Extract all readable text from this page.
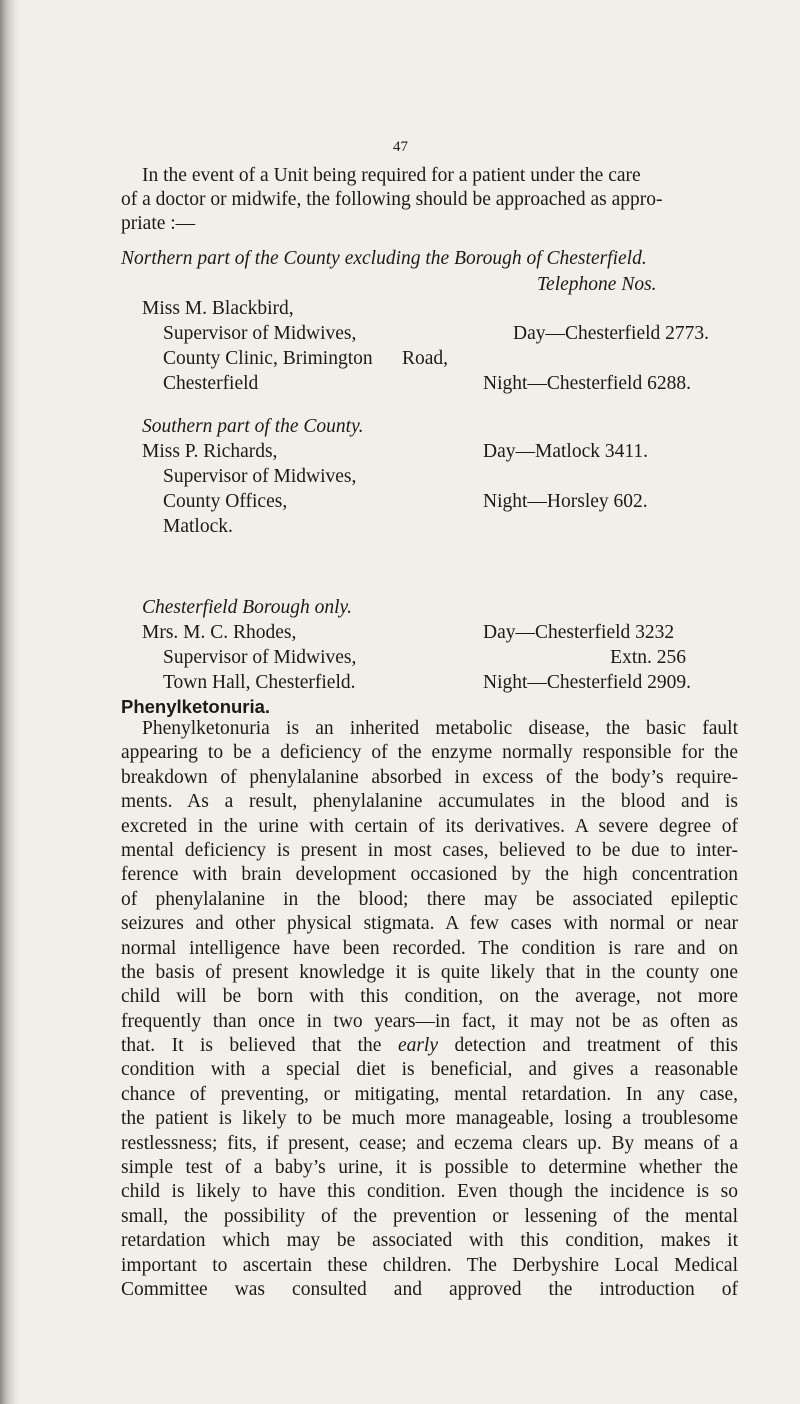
47
In the event of a Unit being required for a patient under the care
of a doctor or midwife, the following should be approached as appro-
priate :—
Northern part of the County excluding the Borough of Chesterfield.
Telephone Nos.
Miss M. Blackbird,
Supervisor of Midwives,	Day—Chesterfield 2773.
County Clinic, Brimington Road,
Chesterfield	Night—Chesterfield 6288.
Southern part of the County.
Miss P. Richards,	Day—Matlock 3411.
Supervisor of Midwives,
County Offices,	Night—Horsley 602.
Matlock.
Chesterfield Borough only.
Mrs. M. C. Rhodes,	Day—Chesterfield 3232
Supervisor of Midwives,	Extn. 256
Town Hall, Chesterfield.	Night—Chesterfield 2909.
Phenylketonuria.
Phenylketonuria is an inherited metabolic disease, the basic fault
appearing to be a deficiency of the enzyme normally responsible for the
breakdown of phenylalanine absorbed in excess of the body’s require-
ments. As a result, phenylalanine accumulates in the blood and is
excreted in the urine with certain of its derivatives. A severe degree of
mental deficiency is present in most cases, believed to be due to inter-
ference with brain development occasioned by the high concentration
of phenylalanine in the blood; there may be associated epileptic
seizures and other physical stigmata. A few cases with normal or near
normal intelligence have been recorded. The condition is rare and on
the basis of present knowledge it is quite likely that in the county one
child will be born with this condition, on the average, not more
frequently than once in two years—in fact, it may not be as often as
that. It is believed that the early detection and treatment of this
condition with a special diet is beneficial, and gives a reasonable
chance of preventing, or mitigating, mental retardation. In any case,
the patient is likely to be much more manageable, losing a troublesome
restlessness; fits, if present, cease; and eczema clears up. By means of a
simple test of a baby’s urine, it is possible to determine whether the
child is likely to have this condition. Even though the incidence is so
small, the possibility of the prevention or lessening of the mental
retardation which may be associated with this condition, makes it
important to ascertain these children. The Derbyshire Local Medical
Committee was consulted and approved the introduction of
